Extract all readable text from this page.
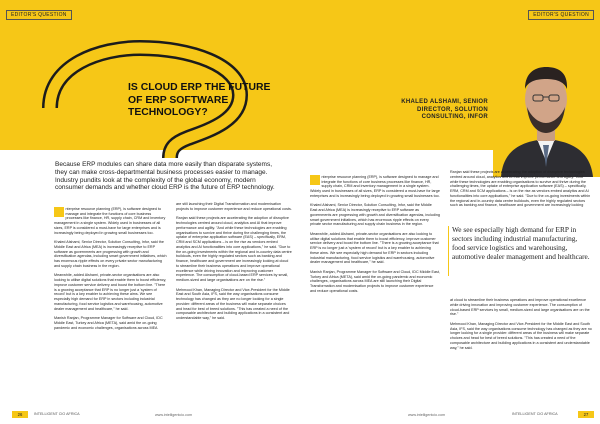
EDITOR'S QUESTION
IS CLOUD ERP THE FUTURE OF ERP SOFTWARE TECHNOLOGY?
Because ERP modules can share data more easily than disparate systems, they can make cross-departmental business processes easier to manage. Industry pundits look at the complexity of the global economy, modern consumer demands and whether cloud ERP is the future of ERP technology.

nterprise resource planning (ERP), is software designed to manage and integrate the functions of core business processes like finance, HR, supply chain, CRM and inventory management in a single system. Widely used in businesses of all sizes, ERP is considered a must-have for large enterprises and is increasingly being deployed in growing small businesses too.

Khaled Alshami, Senior Director, Solution Consulting, Infor, said the Middle East and Africa (MEA) is increasingly receptive to ERP software as governments are progressing with growth and diversification agendas, including smart government initiatives, which has enormous ripple effects on every private sector manufacturing and supply chain business in the region.

Meanwhile, added Alshami, private-sector organisations are also looking to utilise digital solutions that enable them to boost efficiency, improve customer service delivery and boost the bottom line. "There is a growing acceptance that ERP is no longer just a 'system of record' but is a key enabler to achieving these aims. We see especially high demand for ERP in sectors including industrial manufacturing, food service logistics and warehousing, automotive dealer management and healthcare," he said.

Manish Ranjan, Programme Manager for Software and Cloud, IDC Middle East, Turkey and Africa (META), said amid the on-going pandemic and economic challenges, organisations across MEA

are still launching their Digital Transformation and modernisation projects to improve customer experience and reduce operational costs.

Ranjan said these projects are accelerating the adoption of disruptive technologies centred around cloud, analytics and AI that improve performance and agility. "And while these technologies are enabling organisations to survive and thrive during the challenging times, the uptake of enterprise application software (EAS) – specifically, ERM, CRM and SCM applications – is on the rise as vendors embed analytics and AI functionalities into core applications," he said. "Due to the on-going investments within the regional and in-country data centre buildouts, even the highly regulated sectors such as banking and finance, healthcare and government are increasingly looking at cloud to streamline their business operations and improve operational excellence while driving innovation and improving customer experience. The consumption of cloud-based ERP services by small, medium-sized and large organisations are on the rise."

Mehmood Khan, Managing Director and Vice-President for the Middle East and South Asia, IFS, said the way organisations consume technology has changed as they are no longer looking for a single provider: different areas of the business will make separate choices and head for best of breed solutions. "This has created a need of the composable architecture and building applications in a consistent and understandable way," he said.
26	INTELLIGENT CIO AFRICA	www.intelligentcio.com
EDITOR'S QUESTION
KHALED ALSHAMI, SENIOR DIRECTOR, SOLUTION CONSULTING, INFOR

nterprise resource planning (ERP), is software designed to manage and integrate the functions of core business processes like finance, HR, supply chain, CRM and inventory management in a single system. Widely used in businesses of all sizes, ERP is considered a must-have for large enterprises and is increasingly being deployed in growing small businesses too.

Khaled Alshami, Senior Director, Solution Consulting, Infor, said the Middle East and Africa (MEA) is increasingly receptive to ERP software as governments are progressing with growth and diversification agendas, including smart government initiatives, which has enormous ripple effects on every private sector manufacturing and supply chain business in the region.

Meanwhile, added Alshami, private-sector organisations are also looking to utilise digital solutions that enable them to boost efficiency, improve customer service delivery and boost the bottom line. "There is a growing acceptance that ERP is no longer just a 'system of record' but is a key enabler to achieving these aims. We see especially high demand for ERP in sectors including industrial manufacturing, food service logistics and warehousing, automotive dealer management and healthcare," he said.

Manish Ranjan, Programme Manager for Software and Cloud, IDC Middle East, Turkey and Africa (META), said amid the on-going pandemic and economic challenges, organisations across MEA are still launching their Digital Transformation and modernisation projects to improve customer experience and reduce operational costs.

Ranjan said these projects are accelerating the adoption of disruptive technologies centred around cloud, analytics and AI that improve performance and agility. "And while these technologies are enabling organisations to survive and thrive during the challenging times, the uptake of enterprise application software (EAS) – specifically, ERM, CRM and SCM applications – is on the rise as vendors embed analytics and AI functionalities into core applications," he said. "Due to the on-going investments within the regional and in-country data centre buildouts, even the highly regulated sectors such as banking and finance, healthcare and government are increasingly looking
We see especially high demand for ERP in sectors including industrial manufacturing, food service logistics and warehousing, automotive dealer management and healthcare.
at cloud to streamline their business operations and improve operational excellence while driving innovation and improving customer experience. The consumption of cloud-based ERP services by small, medium-sized and large organisations are on the rise."

Mehmood Khan, Managing Director and Vice-President for the Middle East and South Asia, IFS, said the way organisations consume technology has changed as they are no longer looking for a single provider: different areas of the business will make separate choices and head for best of breed solutions. "This has created a need of the composable architecture and building applications in a consistent and understandable way," he said.
www.intelligentcio.com	INTELLIGENT CIO AFRICA	27
